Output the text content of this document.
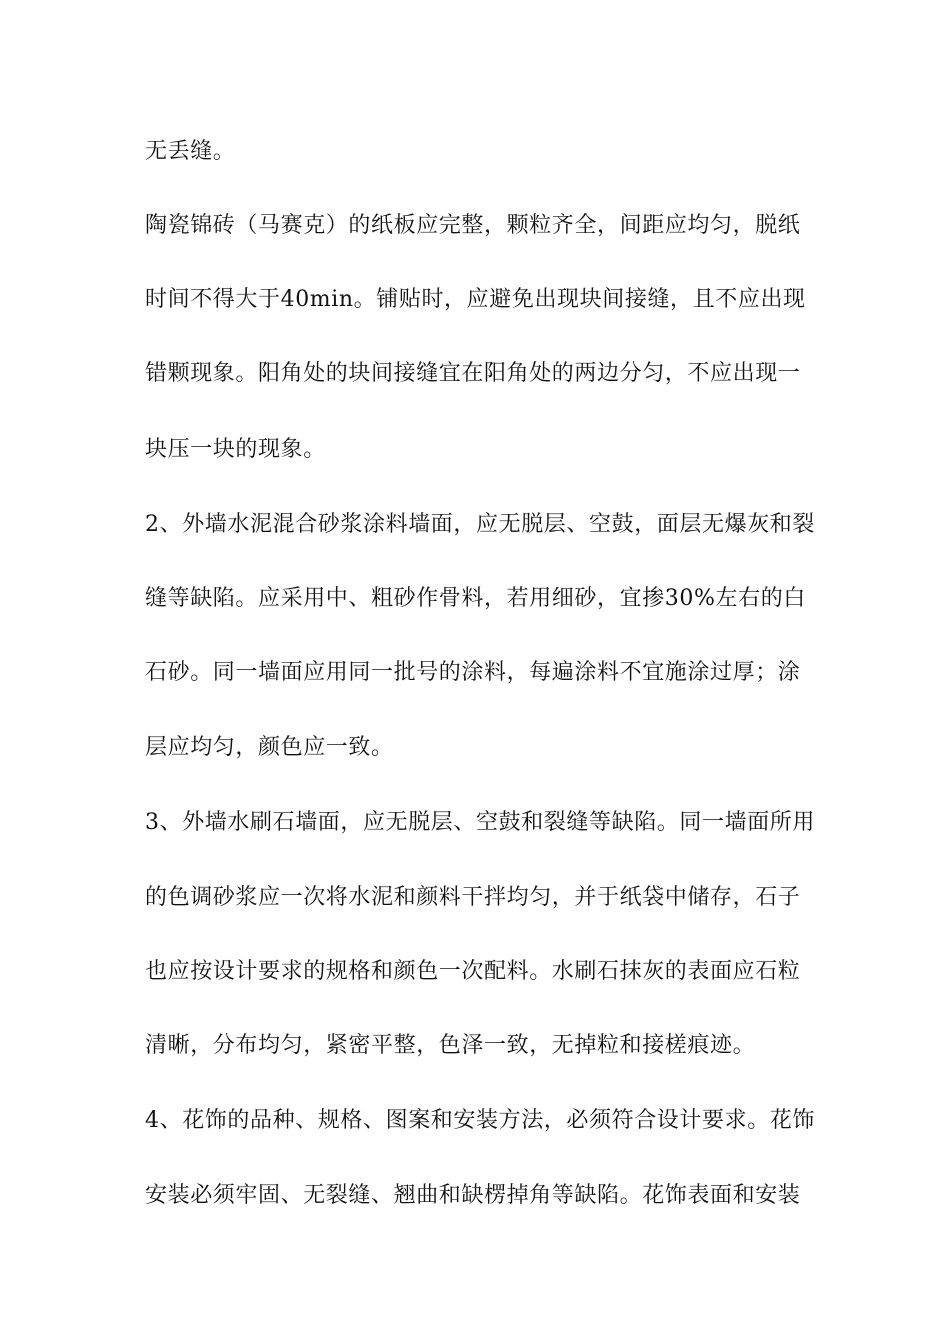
无丢缝。
陶瓷锦砖（马赛克）的纸板应完整，颗粒齐全，间距应均匀，脱纸
时间不得大于40min。铺贴时，应避免出现块间接缝，且不应出现
错颗现象。阳角处的块间接缝宜在阳角处的两边分匀，不应出现一
块压一块的现象。
2、外墙水泥混合砂浆涂料墙面，应无脱层、空鼓，面层无爆灰和裂
缝等缺陷。应采用中、粗砂作骨料，若用细砂，宜掺30%左右的白
石砂。同一墙面应用同一批号的涂料，每遍涂料不宜施涂过厚；涂
层应均匀，颜色应一致。
3、外墙水刷石墙面，应无脱层、空鼓和裂缝等缺陷。同一墙面所用
的色调砂浆应一次将水泥和颜料干拌均匀，并于纸袋中储存，石子
也应按设计要求的规格和颜色一次配料。水刷石抹灰的表面应石粒
清晰，分布均匀，紧密平整，色泽一致，无掉粒和接槎痕迹。
4、花饰的品种、规格、图案和安装方法，必须符合设计要求。花饰
安装必须牢固、无裂缝、翘曲和缺楞掉角等缺陷。花饰表面和安装
